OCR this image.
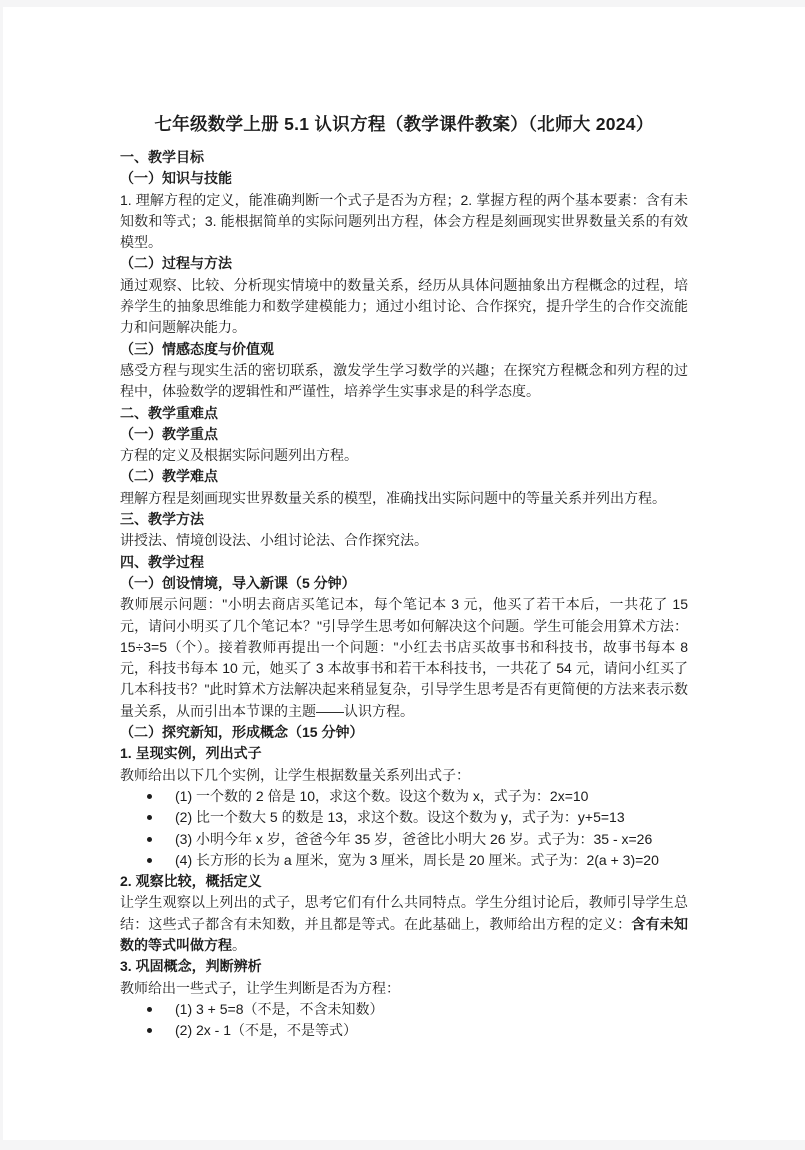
七年级数学上册 5.1 认识方程（教学课件教案）（北师大 2024）

一、教学目标

（一）知识与技能

1. 理解方程的定义，能准确判断一个式子是否为方程；2. 掌握方程的两个基本要素：含有未知数和等式；3. 能根据简单的实际问题列出方程，体会方程是刻画现实世界数量关系的有效模型。

（二）过程与方法

通过观察、比较、分析现实情境中的数量关系，经历从具体问题抽象出方程概念的过程，培养学生的抽象思维能力和数学建模能力；通过小组讨论、合作探究，提升学生的合作交流能力和问题解决能力。

（三）情感态度与价值观

感受方程与现实生活的密切联系，激发学生学习数学的兴趣；在探究方程概念和列方程的过程中，体验数学的逻辑性和严谨性，培养学生实事求是的科学态度。

二、教学重难点

（一）教学重点

方程的定义及根据实际问题列出方程。

（二）教学难点

理解方程是刻画现实世界数量关系的模型，准确找出实际问题中的等量关系并列出方程。

三、教学方法

讲授法、情境创设法、小组讨论法、合作探究法。

四、教学过程

（一）创设情境，导入新课（5 分钟）

教师展示问题："小明去商店买笔记本，每个笔记本 3 元，他买了若干本后，一共花了 15 元，请问小明买了几个笔记本？"引导学生思考如何解决这个问题。学生可能会用算术方法：15÷3=5（个）。接着教师再提出一个问题："小红去书店买故事书和科技书，故事书每本 8 元，科技书每本 10 元，她买了 3 本故事书和若干本科技书，一共花了 54 元，请问小红买了几本科技书？"此时算术方法解决起来稍显复杂，引导学生思考是否有更简便的方法来表示数量关系，从而引出本节课的主题——认识方程。

（二）探究新知，形成概念（15 分钟）

1. 呈现实例，列出式子

教师给出以下几个实例，让学生根据数量关系列出式子：

(1) 一个数的 2 倍是 10，求这个数。设这个数为 x，式子为：2x=10
(2) 比一个数大 5 的数是 13，求这个数。设这个数为 y，式子为：y+5=13
(3) 小明今年 x 岁，爸爸今年 35 岁，爸爸比小明大 26 岁。式子为：35 - x=26
(4) 长方形的长为 a 厘米，宽为 3 厘米，周长是 20 厘米。式子为：2(a + 3)=20

2. 观察比较，概括定义

让学生观察以上列出的式子，思考它们有什么共同特点。学生分组讨论后，教师引导学生总结：这些式子都含有未知数，并且都是等式。在此基础上，教师给出方程的定义：含有未知数的等式叫做方程。

3. 巩固概念，判断辨析

教师给出一些式子，让学生判断是否为方程：

(1) 3 + 5=8（不是，不含未知数）
(2) 2x - 1（不是，不是等式）
